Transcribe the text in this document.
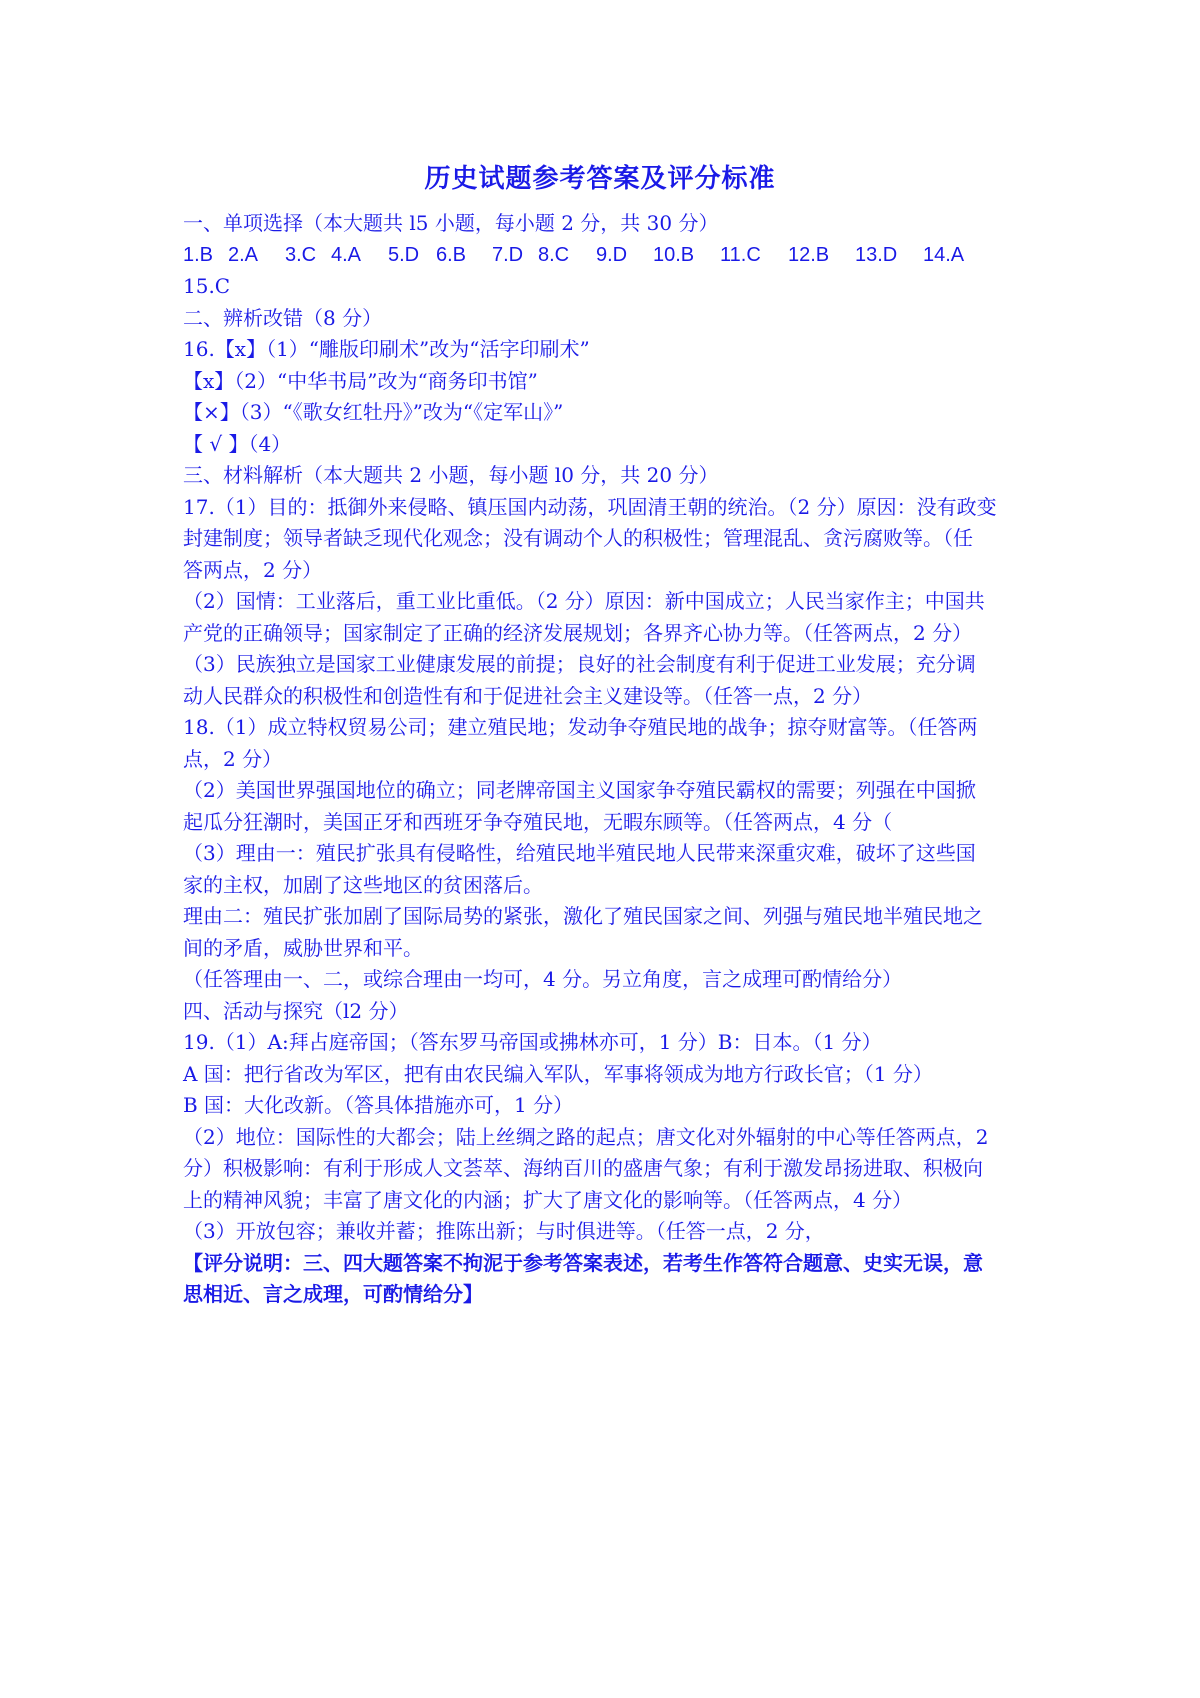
历史试题参考答案及评分标准
一、单项选择（本大题共 l5 小题，每小题 2 分，共 30 分）
1.B 2.A 3.C 4.A 5.D 6.B 7.D 8.C 9.D 10.B 11.C 12.B 13.D 14.A
15.C
二、辨析改错（8 分）
16.【x】（1）“雕版印刷术”改为“活字印刷术”
【x】（2）“中华书局”改为“商务印书馆”
【×】（3）“《歌女红牡丹》”改为“《定军山》”
【 √ 】（4）
三、材料解析（本大题共 2 小题，每小题 l0 分，共 20 分）
17.（1）目的：抵御外来侵略、镇压国内动荡，巩固清王朝的统治。（2 分）原因：没有政变
封建制度；领导者缺乏现代化观念；没有调动个人的积极性；管理混乱、贪污腐败等。（任
答两点，2 分）
（2）国情：工业落后，重工业比重低。（2 分）原因：新中国成立；人民当家作主；中国共
产党的正确领导；国家制定了正确的经济发展规划；各界齐心协力等。（任答两点，2 分）
（3）民族独立是国家工业健康发展的前提；良好的社会制度有利于促进工业发展；充分调
动人民群众的积极性和创造性有和于促进社会主义建设等。（任答一点，2 分）
18.（1）成立特权贸易公司；建立殖民地；发动争夺殖民地的战争；掠夺财富等。（任答两
点，2 分）
（2）美国世界强国地位的确立；同老牌帝国主义国家争夺殖民霸权的需要；列强在中国掀
起瓜分狂潮时，美国正牙和西班牙争夺殖民地，无暇东顾等。（任答两点，4 分（
（3）理由一：殖民扩张具有侵略性，给殖民地半殖民地人民带来深重灾难，破坏了这些国
家的主权，加剧了这些地区的贫困落后。
理由二：殖民扩张加剧了国际局势的紧张，激化了殖民国家之间、列强与殖民地半殖民地之
间的矛盾，威胁世界和平。
（任答理由一、二，或综合理由一均可，4 分。另立角度，言之成理可酌情给分）
四、活动与探究（l2 分）
19.（1）A:拜占庭帝国；（答东罗马帝国或拂林亦可，1 分）B：日本。（1 分）
A 国：把行省改为军区，把有由农民编入军队，军事将领成为地方行政长官；（1 分）
B 国：大化改新。（答具体措施亦可，1 分）
（2）地位：国际性的大都会；陆上丝绸之路的起点；唐文化对外辐射的中心等任答两点，2
分）积极影响：有利于形成人文荟萃、海纳百川的盛唐气象；有利于激发昂扬进取、积极向
上的精神风貌；丰富了唐文化的内涵；扩大了唐文化的影响等。（任答两点，4 分）
（3）开放包容；兼收并蓄；推陈出新；与时俱进等。（任答一点，2 分，
【评分说明：三、四大题答案不拘泥于参考答案表述，若考生作答符合题意、史实无误，意
思相近、言之成理，可酌情给分】
